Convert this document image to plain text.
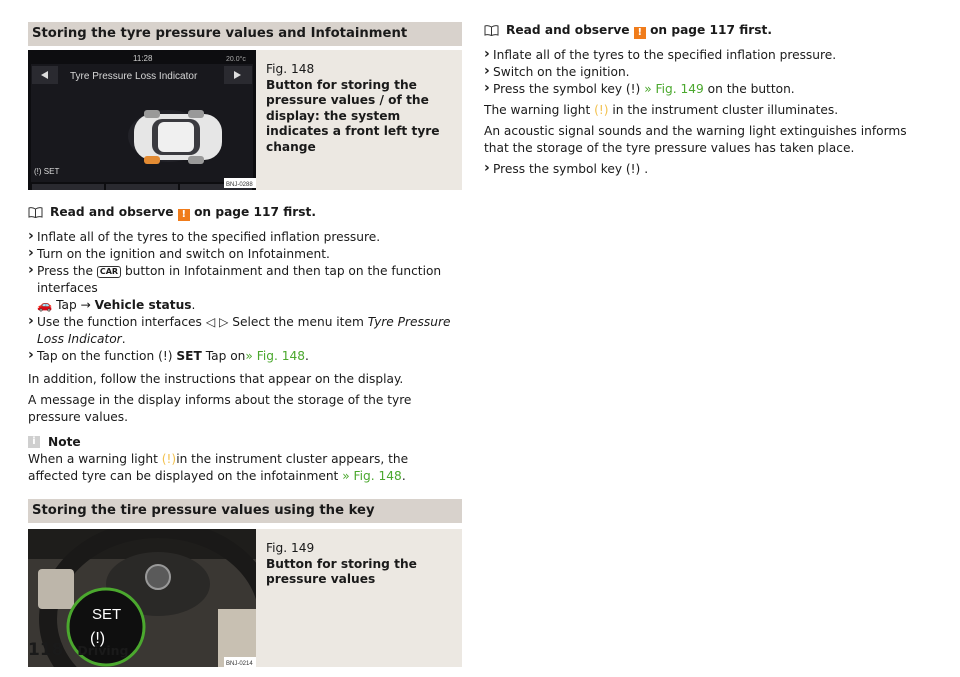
Storing the tyre pressure values and Infotainment
11:28	20.0°c
Tyre Pressure Loss Indicator
(!) SET
BNJ-0288
Fig. 148
Button for storing the pressure values / of the display: the system indicates a front left tyre change
Read and observe ! on page 117 first.

› Inflate all of the tyres to the specified inflation pressure.

› Turn on the ignition and switch on Infotainment.

› Press the CAR button in Infotainment and then tap on the function interfaces
🚗 Tap → Vehicle status.

› Use the function interfaces ◁ ▷ Select the menu item Tyre Pressure Loss Indicator.

› Tap on the function (!) SET Tap on» Fig. 148.

In addition, follow the instructions that appear on the display.

A message in the display informs about the storage of the tyre pressure values.

i	Note

When a warning light (!)in the instrument cluster appears, the affected tyre can be displayed on the infotainment » Fig. 148.

Storing the tire pressure values using the key
SET
(!)
BNJ-0214
Fig. 149
Button for storing the pressure values
Read and observe ! on page 117 first.

› Inflate all of the tyres to the specified inflation pressure.

› Switch on the ignition.

› Press the symbol key (!) » Fig. 149 on the button.

The warning light (!) in the instrument cluster illuminates.

An acoustic signal sounds and the warning light extinguishes informs that the storage of the tyre pressure values has taken place.

› Press the symbol key (!) .

118 Driving
